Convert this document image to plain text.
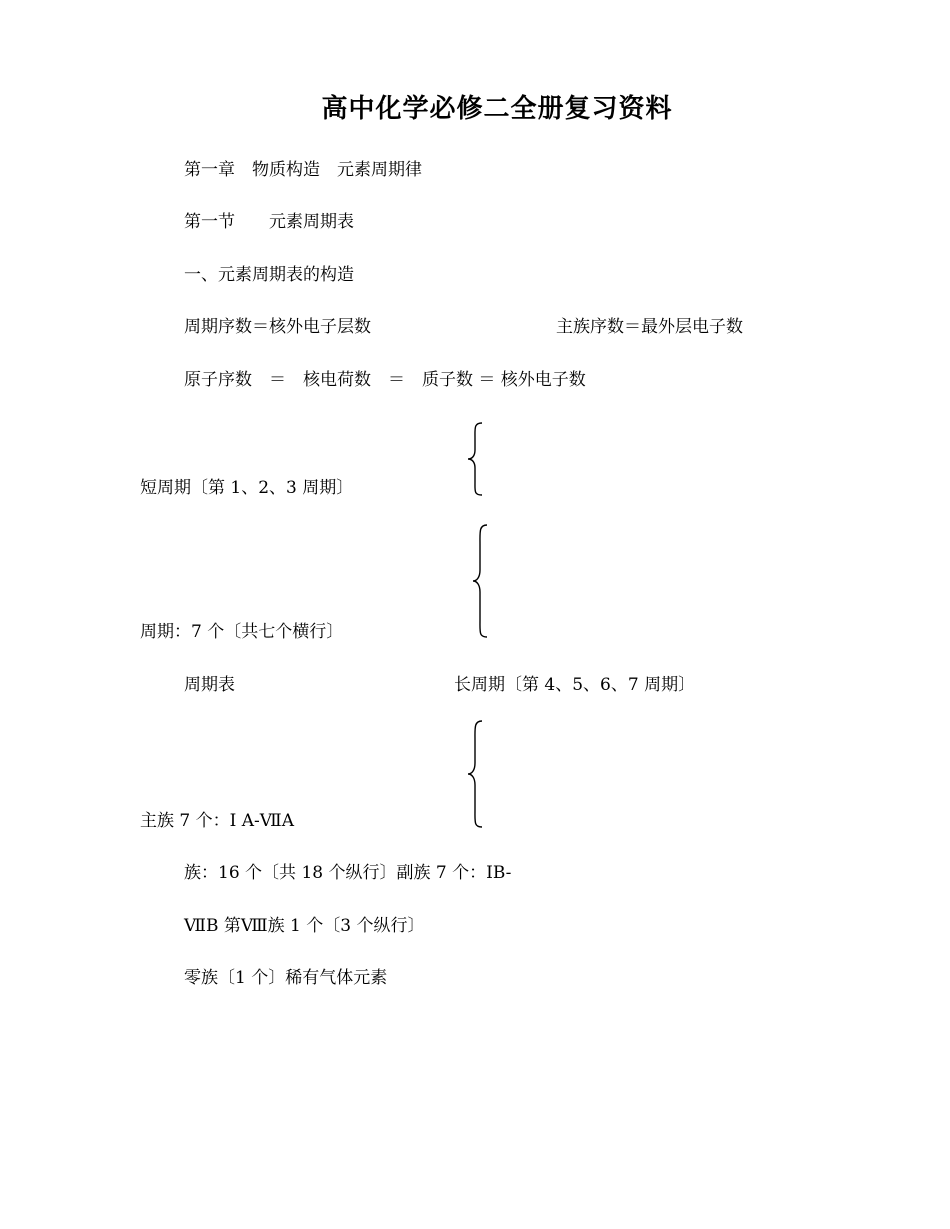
高中化学必修二全册复习资料
第一章　物质构造　元素周期律
第一节　　元素周期表
一、元素周期表的构造
周期序数＝核外电子层数	主族序数＝最外层电子数
原子序数　＝　核电荷数　＝　质子数 ＝ 核外电子数
短周期〔第 1、2、3 周期〕
周期：7 个〔共七个横行〕
周期表	长周期〔第 4、5、6、7 周期〕
主族 7 个：Ⅰ A-ⅦA
族：16 个〔共 18 个纵行〕副族 7 个：IB-
ⅦB 第Ⅷ族 1 个〔3 个纵行〕
零族〔1 个〕稀有气体元素
